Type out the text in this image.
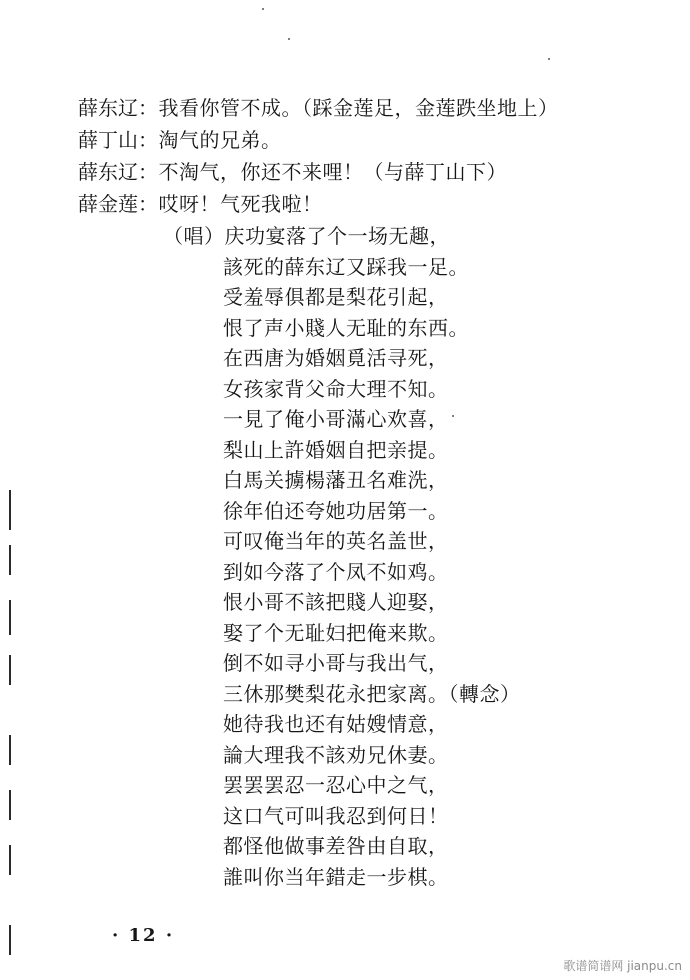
薛东辽：我看你管不成。（踩金莲足，金莲跌坐地上）
薛丁山：淘气的兄弟。
薛东辽：不淘气，你还不来哩！（与薛丁山下）
薛金莲：哎呀！气死我啦！
（唱）庆功宴落了个一场无趣，
該死的薛东辽又踩我一足。
受羞辱俱都是梨花引起，
恨了声小賤人无耻的东西。
在西唐为婚姻覓活寻死，
女孩家背父命大理不知。
一見了俺小哥滿心欢喜，
梨山上許婚姻自把亲提。
白馬关擄楊藩丑名难洗，
徐年伯还夸她功居第一。
可叹俺当年的英名盖世，
到如今落了个凤不如鸡。
恨小哥不該把賤人迎娶，
娶了个无耻妇把俺来欺。
倒不如寻小哥与我出气，
三休那樊梨花永把家离。（轉念）
她待我也还有姑嫂情意，
論大理我不該劝兄休妻。
罢罢罢忍一忍心中之气，
这口气可叫我忍到何日！
都怪他做事差咎由自取，
誰叫你当年錯走一步棋。
· 12 ·
歌谱简谱网 jianpu.cn
